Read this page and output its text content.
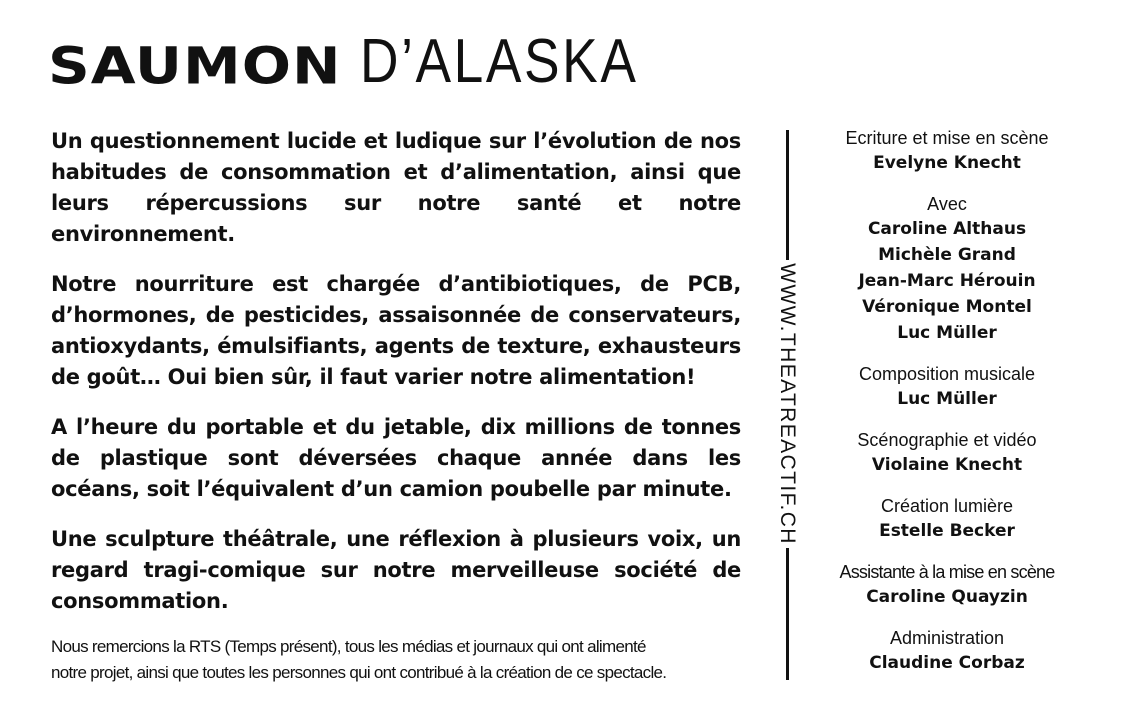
SAUMON D’ALASKA

Un questionnement lucide et ludique sur l’évolution de nos habitudes de consommation et d’alimentation, ainsi que leurs répercussions sur notre santé et notre environnement.

Notre nourriture est chargée d’antibiotiques, de PCB, d’hormones, de pesticides, assaisonnée de conservateurs, antioxydants, émulsifiants, agents de texture, exhausteurs de goût… Oui bien sûr, il faut varier notre alimentation!

A l’heure du portable et du jetable, dix millions de tonnes de plastique sont déversées chaque année dans les océans, soit l’équivalent d’un camion poubelle par minute.

Une sculpture théâtrale, une réflexion à plusieurs voix, un regard tragi-comique sur notre merveilleuse société de consommation.

Nous remercions la RTS (Temps présent), tous les médias et journaux qui ont alimenté
notre projet, ainsi que toutes les personnes qui ont contribué à la création de ce spectacle.
WWW.THEATREACTIF.CH
Ecriture et mise en scène
Evelyne Knecht
Avec
Caroline Althaus
Michèle Grand
Jean-Marc Hérouin
Véronique Montel
Luc Müller
Composition musicale
Luc Müller
Scénographie et vidéo
Violaine Knecht
Création lumière
Estelle Becker
Assistante à la mise en scène
Caroline Quayzin
Administration
Claudine Corbaz
